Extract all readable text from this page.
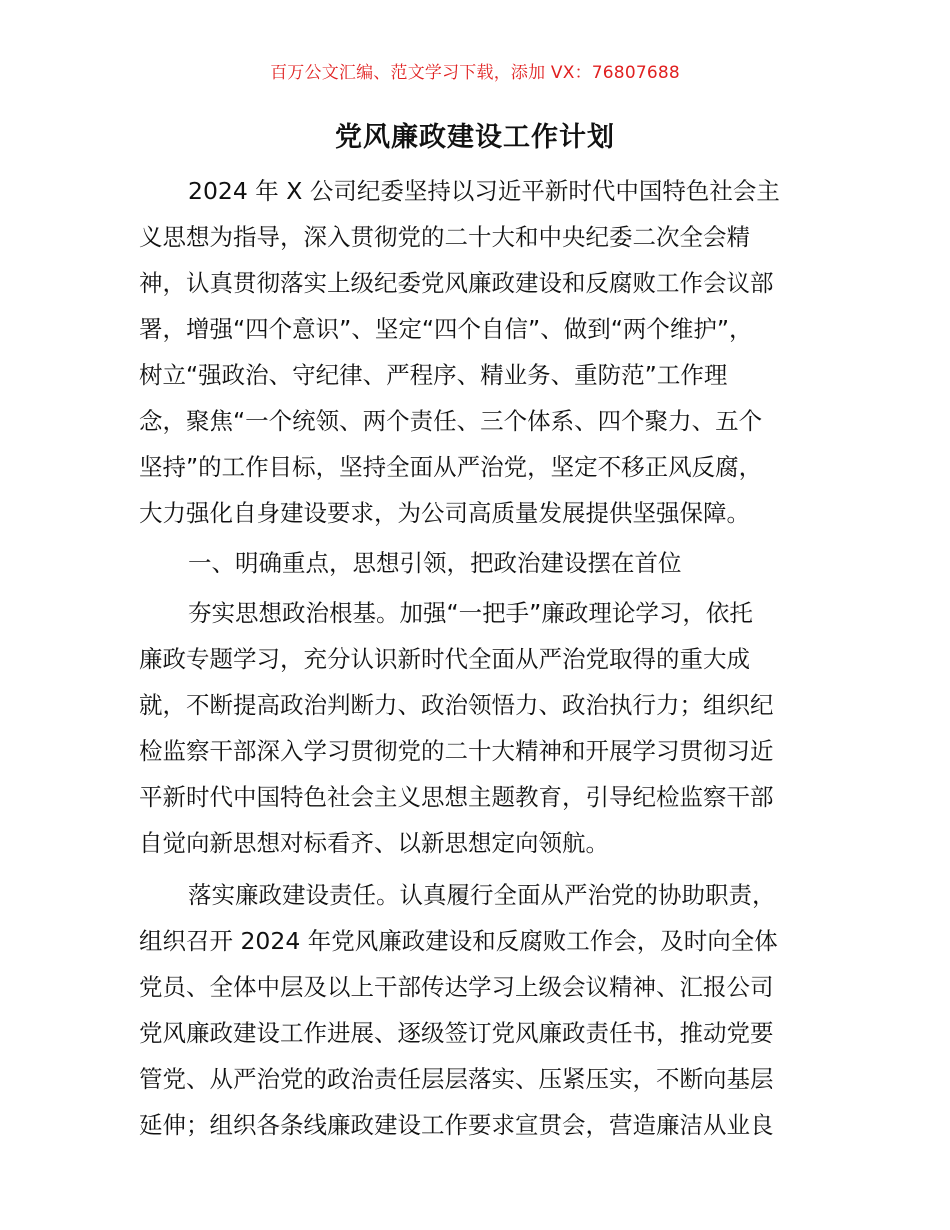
百万公文汇编、范文学习下载，添加 VX：76807688
党风廉政建设工作计划
2024 年 X 公司纪委坚持以习近平新时代中国特色社会主
义思想为指导，深入贯彻党的二十大和中央纪委二次全会精
神，认真贯彻落实上级纪委党风廉政建设和反腐败工作会议部
署，增强“四个意识”、坚定“四个自信”、做到“两个维护”，
树立“强政治、守纪律、严程序、精业务、重防范”工作理
念，聚焦“一个统领、两个责任、三个体系、四个聚力、五个
坚持”的工作目标，坚持全面从严治党，坚定不移正风反腐，
大力强化自身建设要求，为公司高质量发展提供坚强保障。
一、明确重点，思想引领，把政治建设摆在首位
夯实思想政治根基。加强“一把手”廉政理论学习，依托
廉政专题学习，充分认识新时代全面从严治党取得的重大成
就，不断提高政治判断力、政治领悟力、政治执行力；组织纪
检监察干部深入学习贯彻党的二十大精神和开展学习贯彻习近
平新时代中国特色社会主义思想主题教育，引导纪检监察干部
自觉向新思想对标看齐、以新思想定向领航。
落实廉政建设责任。认真履行全面从严治党的协助职责，
组织召开 2024 年党风廉政建设和反腐败工作会，及时向全体
党员、全体中层及以上干部传达学习上级会议精神、汇报公司
党风廉政建设工作进展、逐级签订党风廉政责任书，推动党要
管党、从严治党的政治责任层层落实、压紧压实，不断向基层
延伸；组织各条线廉政建设工作要求宣贯会，营造廉洁从业良
